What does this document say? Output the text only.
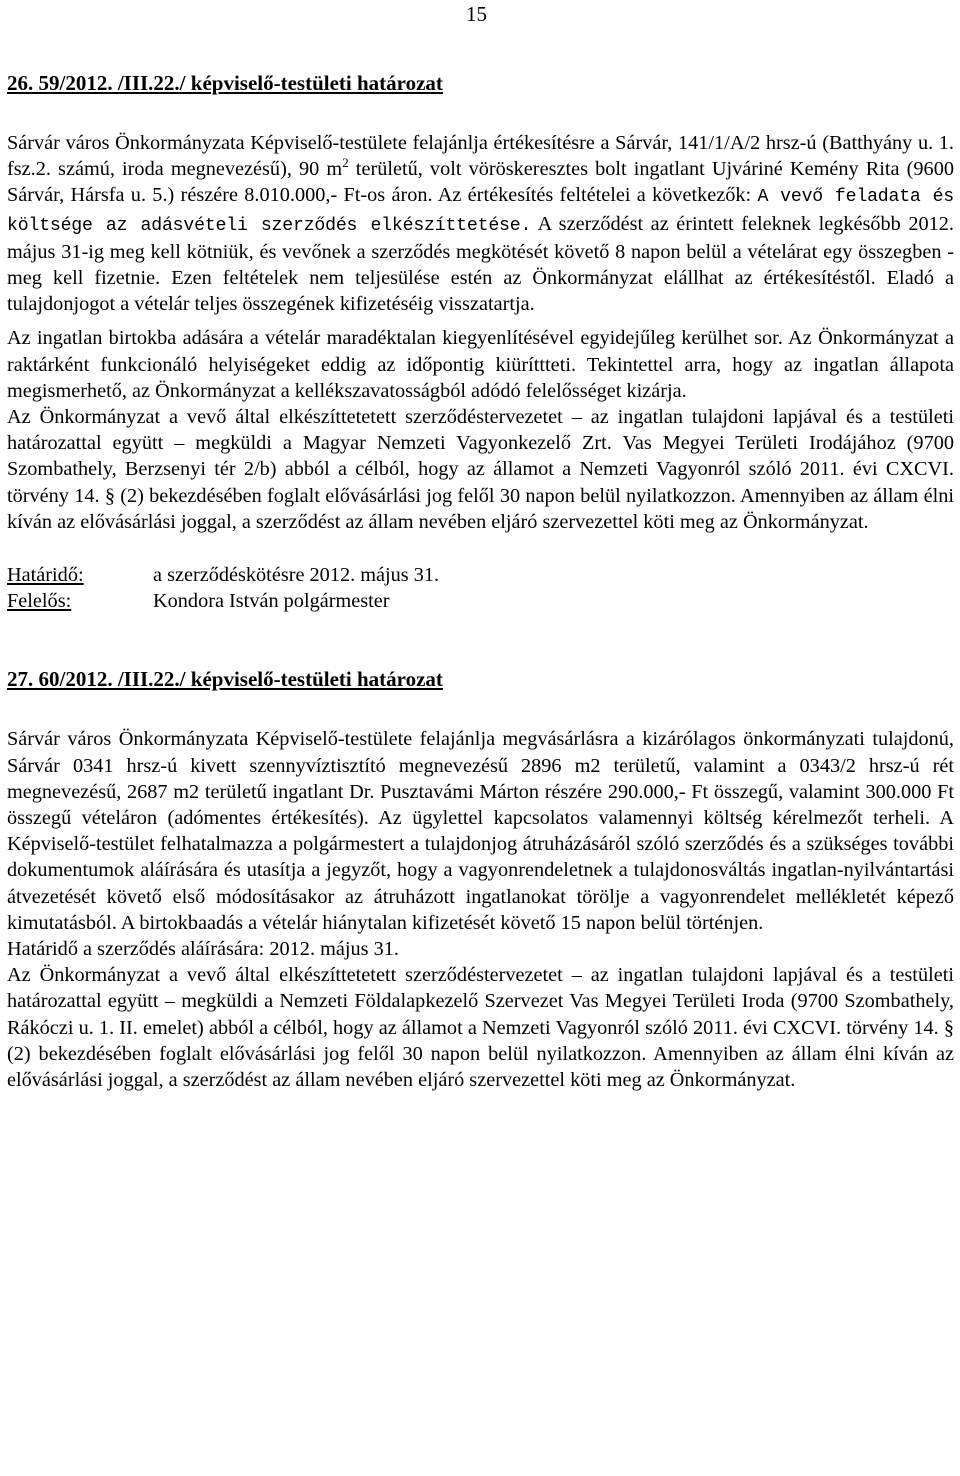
15
26. 59/2012. /III.22./ képviselő-testületi határozat

Sárvár város Önkormányzata Képviselő-testülete felajánlja értékesítésre a Sárvár, 141/1/A/2 hrsz-ú (Batthyány u. 1. fsz.2. számú, iroda megnevezésű), 90 $m^2$ területű, volt vöröskeresztes bolt ingatlant Ujváriné Kemény Rita (9600 Sárvár, Hársfa u. 5.) részére 8.010.000,- Ft-os áron. Az értékesítés feltételei a következők: A vevő feladata és költsége az adásvételi szerződés elkészíttetése. A szerződést az érintett feleknek legkésőbb 2012. május 31-ig meg kell kötniük, és vevőnek a szerződés megkötését követő 8 napon belül a vételárat egy összegben - meg kell fizetnie. Ezen feltételek nem teljesülése estén az Önkormányzat elállhat az értékesítéstől. Eladó a tulajdonjogot a vételár teljes összegének kifizetéséig visszatartja.

Az ingatlan birtokba adására a vételár maradéktalan kiegyenlítésével egyidejűleg kerülhet sor. Az Önkormányzat a raktárként funkcionáló helyiségeket eddig az időpontig kiüríttteti. Tekintettel arra, hogy az ingatlan állapota megismerhető, az Önkormányzat a kellékszavatosságból adódó felelősséget kizárja.

Az Önkormányzat a vevő által elkészíttetetett szerződéstervezetet – az ingatlan tulajdoni lapjával és a testületi határozattal együtt – megküldi a Magyar Nemzeti Vagyonkezelő Zrt. Vas Megyei Területi Irodájához (9700 Szombathely, Berzsenyi tér 2/b) abból a célból, hogy az államot a Nemzeti Vagyonról szóló 2011. évi CXCVI. törvény 14. § (2) bekezdésében foglalt elővásárlási jog felől 30 napon belül nyilatkozzon. Amennyiben az állam élni kíván az elővásárlási joggal, a szerződést az állam nevében eljáró szervezettel köti meg az Önkormányzat.

Határidő:	a szerződéskötésre 2012. május 31.
Felelős:	Kondora István polgármester
27. 60/2012. /III.22./ képviselő-testületi határozat

Sárvár város Önkormányzata Képviselő-testülete felajánlja megvásárlásra a kizárólagos önkormányzati tulajdonú, Sárvár 0341 hrsz-ú kivett szennyvíztisztító megnevezésű 2896 m2 területű, valamint a 0343/2 hrsz-ú rét megnevezésű, 2687 m2 területű ingatlant Dr. Pusztavámi Márton részére 290.000,- Ft összegű, valamint 300.000 Ft összegű vételáron (adómentes értékesítés). Az ügylettel kapcsolatos valamennyi költség kérelmezőt terheli. A Képviselő-testület felhatalmazza a polgármestert a tulajdonjog átruházásáról szóló szerződés és a szükséges további dokumentumok aláírására és utasítja a jegyzőt, hogy a vagyonrendeletnek a tulajdonosváltás ingatlan-nyilvántartási átvezetését követő első módosításakor az átruházott ingatlanokat törölje a vagyonrendelet mellékletét képező kimutatásból. A birtokbaadás a vételár hiánytalan kifizetését követő 15 napon belül történjen.

Határidő a szerződés aláírására: 2012. május 31.

Az Önkormányzat a vevő által elkészíttetetett szerződéstervezetet – az ingatlan tulajdoni lapjával és a testületi határozattal együtt – megküldi a Nemzeti Földalapkezelő Szervezet Vas Megyei Területi Iroda (9700 Szombathely, Rákóczi u. 1. II. emelet) abból a célból, hogy az államot a Nemzeti Vagyonról szóló 2011. évi CXCVI. törvény 14. § (2) bekezdésében foglalt elővásárlási jog felől 30 napon belül nyilatkozzon. Amennyiben az állam élni kíván az elővásárlási joggal, a szerződést az állam nevében eljáró szervezettel köti meg az Önkormányzat.
